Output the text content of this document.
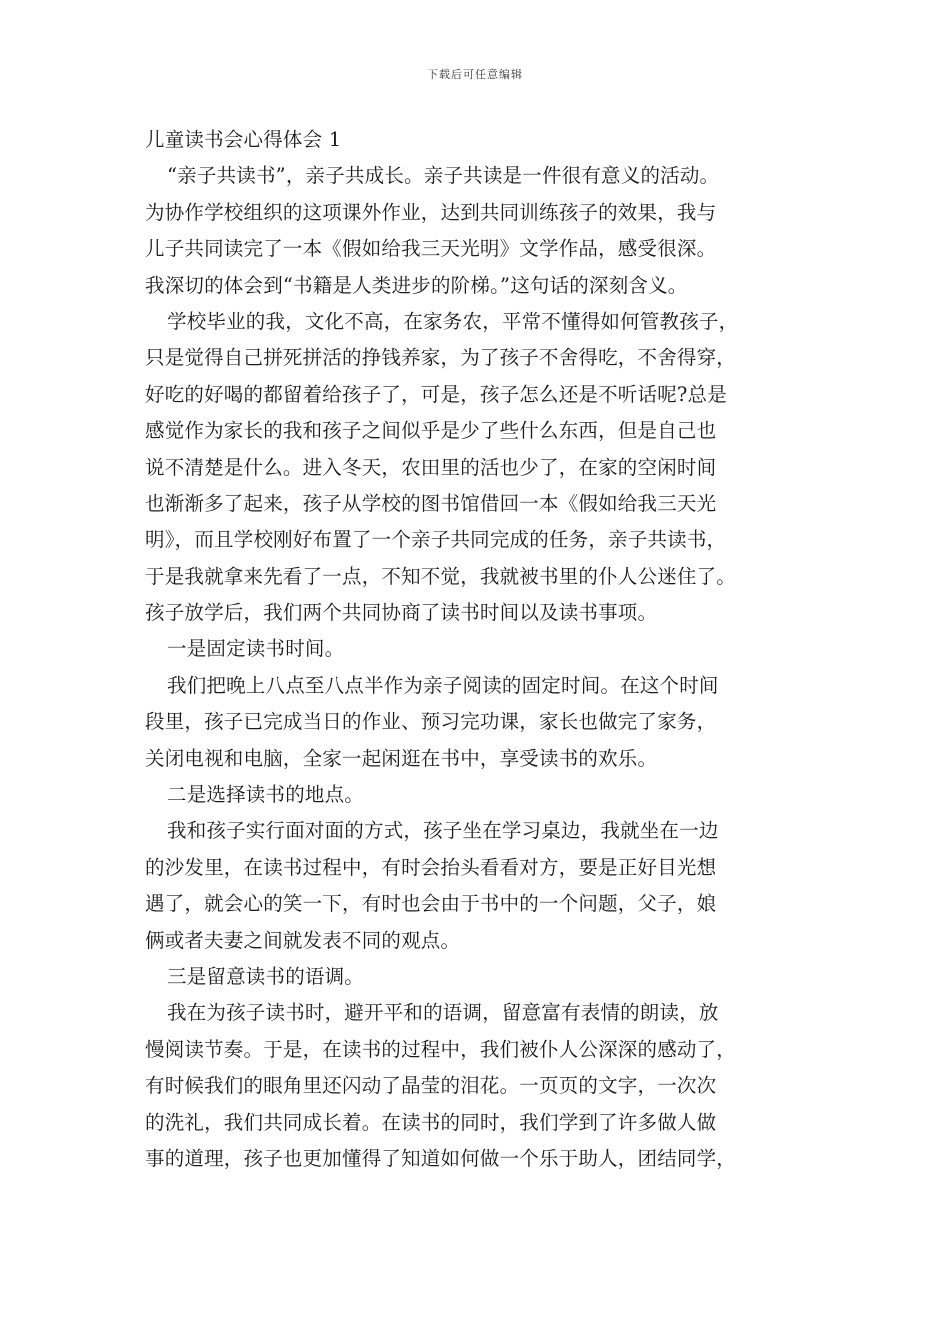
下载后可任意编辑
儿童读书会心得体会 1
“亲子共读书”，亲子共成长。亲子共读是一件很有意义的活动。
为协作学校组织的这项课外作业，达到共同训练孩子的效果，我与
儿子共同读完了一本《假如给我三天光明》文学作品，感受很深。
我深切的体会到“书籍是人类进步的阶梯。”这句话的深刻含义。
学校毕业的我，文化不高，在家务农，平常不懂得如何管教孩子，
只是觉得自己拼死拼活的挣钱养家，为了孩子不舍得吃，不舍得穿，
好吃的好喝的都留着给孩子了，可是，孩子怎么还是不听话呢?总是
感觉作为家长的我和孩子之间似乎是少了些什么东西，但是自己也
说不清楚是什么。进入冬天，农田里的活也少了，在家的空闲时间
也渐渐多了起来，孩子从学校的图书馆借回一本《假如给我三天光
明》，而且学校刚好布置了一个亲子共同完成的任务，亲子共读书，
于是我就拿来先看了一点，不知不觉，我就被书里的仆人公迷住了。
孩子放学后，我们两个共同协商了读书时间以及读书事项。
一是固定读书时间。
我们把晚上八点至八点半作为亲子阅读的固定时间。在这个时间
段里，孩子已完成当日的作业、预习完功课，家长也做完了家务，
关闭电视和电脑，全家一起闲逛在书中，享受读书的欢乐。
二是选择读书的地点。
我和孩子实行面对面的方式，孩子坐在学习桌边，我就坐在一边
的沙发里，在读书过程中，有时会抬头看看对方，要是正好目光想
遇了，就会心的笑一下，有时也会由于书中的一个问题，父子，娘
俩或者夫妻之间就发表不同的观点。
三是留意读书的语调。
我在为孩子读书时，避开平和的语调，留意富有表情的朗读，放
慢阅读节奏。于是，在读书的过程中，我们被仆人公深深的感动了，
有时候我们的眼角里还闪动了晶莹的泪花。一页页的文字，一次次
的洗礼，我们共同成长着。在读书的同时，我们学到了许多做人做
事的道理，孩子也更加懂得了知道如何做一个乐于助人，团结同学，
